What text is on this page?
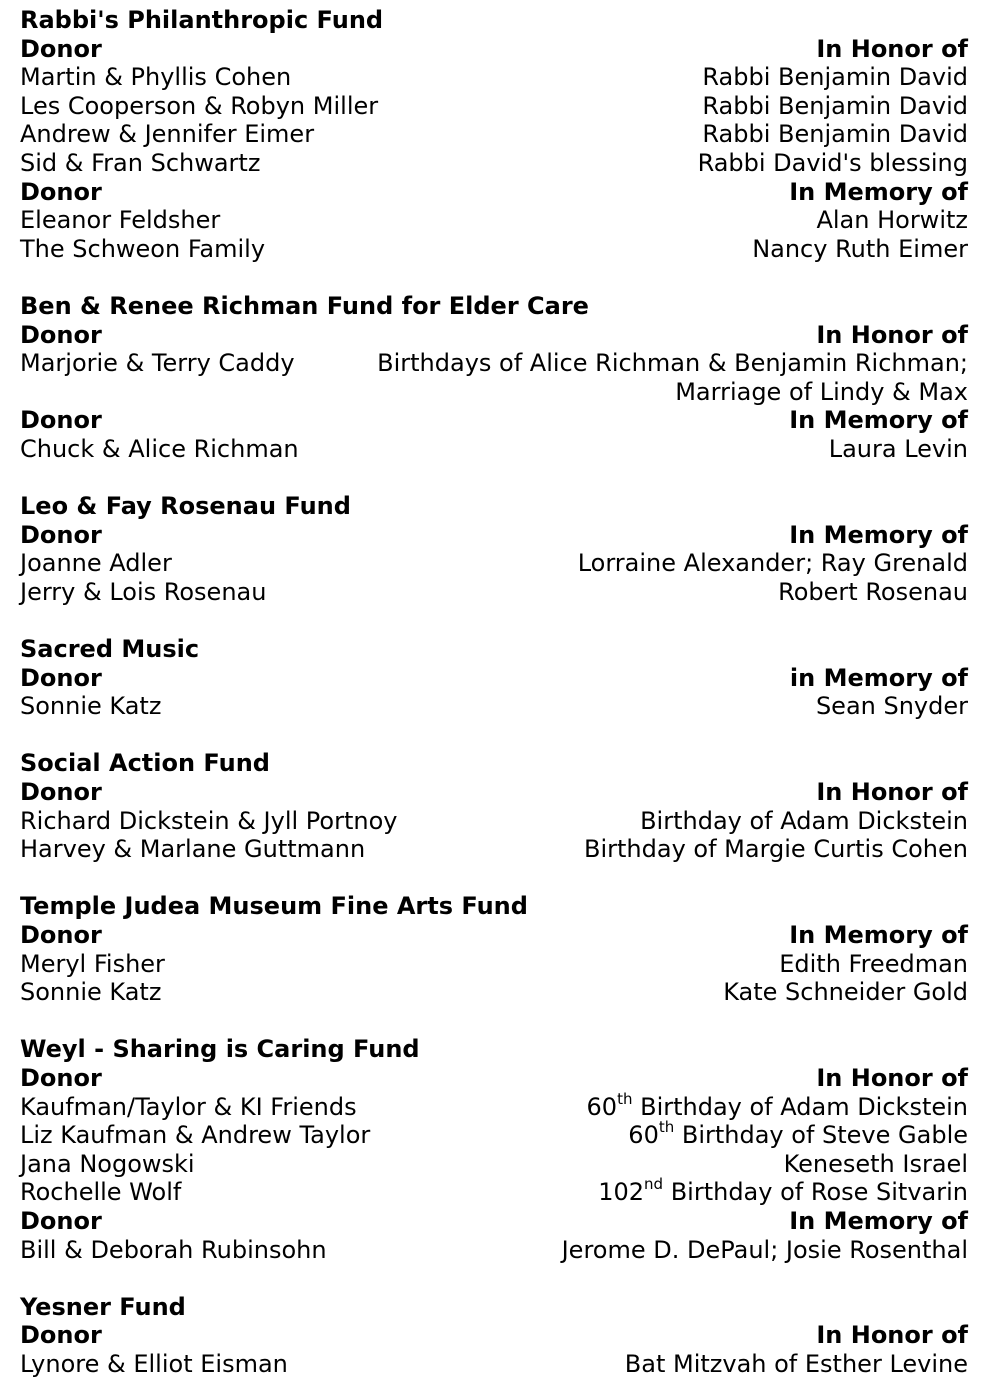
Rabbi's Philanthropic Fund
Donor	In Honor of
Martin & Phyllis Cohen	Rabbi Benjamin David
Les Cooperson & Robyn Miller	Rabbi Benjamin David
Andrew & Jennifer Eimer	Rabbi Benjamin David
Sid & Fran Schwartz	Rabbi David's blessing
Donor	In Memory of
Eleanor Feldsher	Alan Horwitz
The Schweon Family	Nancy Ruth Eimer
Ben & Renee Richman Fund for Elder Care
Donor	In Honor of
Marjorie & Terry Caddy	Birthdays of Alice Richman & Benjamin Richman;
Marriage of Lindy & Max
Donor	In Memory of
Chuck & Alice Richman	Laura Levin
Leo & Fay Rosenau Fund
Donor	In Memory of
Joanne Adler	Lorraine Alexander; Ray Grenald
Jerry & Lois Rosenau	Robert Rosenau
Sacred Music
Donor	in Memory of
Sonnie Katz	Sean Snyder
Social Action Fund
Donor	In Honor of
Richard Dickstein & Jyll Portnoy	Birthday of Adam Dickstein
Harvey & Marlane Guttmann	Birthday of Margie Curtis Cohen
Temple Judea Museum Fine Arts Fund
Donor	In Memory of
Meryl Fisher	Edith Freedman
Sonnie Katz	Kate Schneider Gold
Weyl - Sharing is Caring Fund
Donor	In Honor of
Kaufman/Taylor & KI Friends	60th Birthday of Adam Dickstein
Liz Kaufman & Andrew Taylor	60th Birthday of Steve Gable
Jana Nogowski	Keneseth Israel
Rochelle Wolf	102nd Birthday of Rose Sitvarin
Donor	In Memory of
Bill & Deborah Rubinsohn	Jerome D. DePaul; Josie Rosenthal
Yesner Fund
Donor	In Honor of
Lynore & Elliot Eisman	Bat Mitzvah of Esther Levine
